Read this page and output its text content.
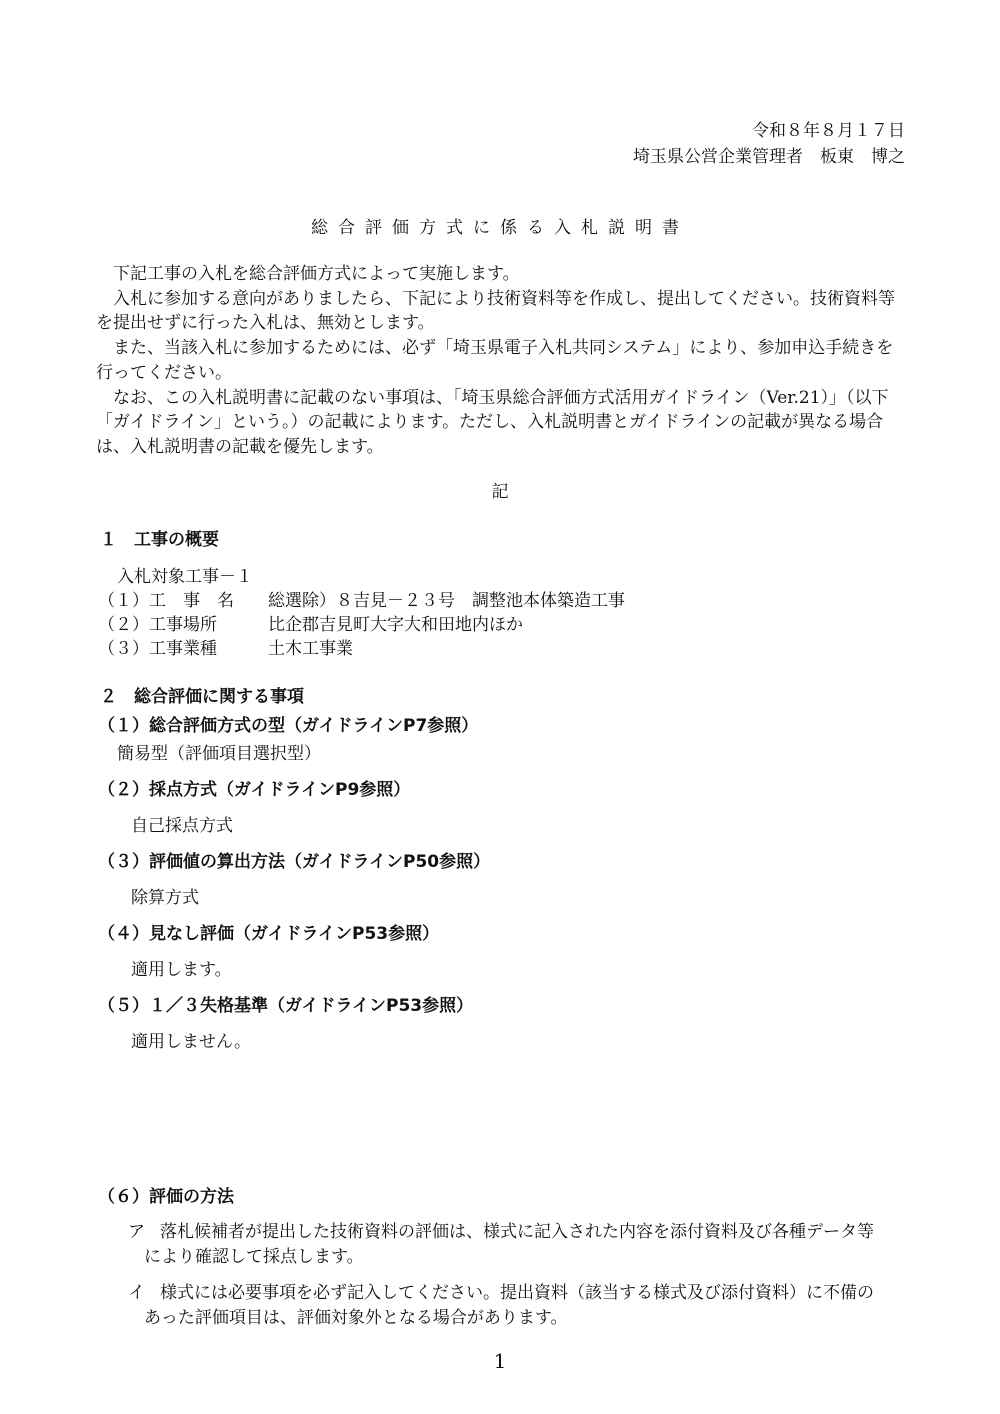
令和８年８月１７日
埼玉県公営企業管理者　板東　博之
総合評価方式に係る入札説明書

下記工事の入札を総合評価方式によって実施します。

入札に参加する意向がありましたら、下記により技術資料等を作成し、提出してください。技術資料等を提出せずに行った入札は、無効とします。

また、当該入札に参加するためには、必ず「埼玉県電子入札共同システム」により、参加申込手続きを行ってください。

なお、この入札説明書に記載のない事項は、「埼玉県総合評価方式活用ガイドライン（Ver.21）」（以下「ガイドライン」という。）の記載によります。ただし、入札説明書とガイドラインの記載が異なる場合は、入札説明書の記載を優先します。

記
１　工事の概要
入札対象工事－１
（１）工　事　名 総選除）８吉見－２３号　調整池本体築造工事
（２）工事場所	比企郡吉見町大字大和田地内ほか
（３）工事業種	土木工事業
２　総合評価に関する事項
（１）総合評価方式の型（ガイドラインP7参照）
簡易型（評価項目選択型）
（２）採点方式（ガイドラインP9参照）
自己採点方式
（３）評価値の算出方法（ガイドラインP50参照）
除算方式
（４）見なし評価（ガイドラインP53参照）
適用します。
（５）１／３失格基準（ガイドラインP53参照）
適用しません。
（６）評価の方法
ア 落札候補者が提出した技術資料の評価は、様式に記入された内容を添付資料及び各種データ等により確認して採点します。
イ 様式には必要事項を必ず記入してください。提出資料（該当する様式及び添付資料）に不備のあった評価項目は、評価対象外となる場合があります。
1
